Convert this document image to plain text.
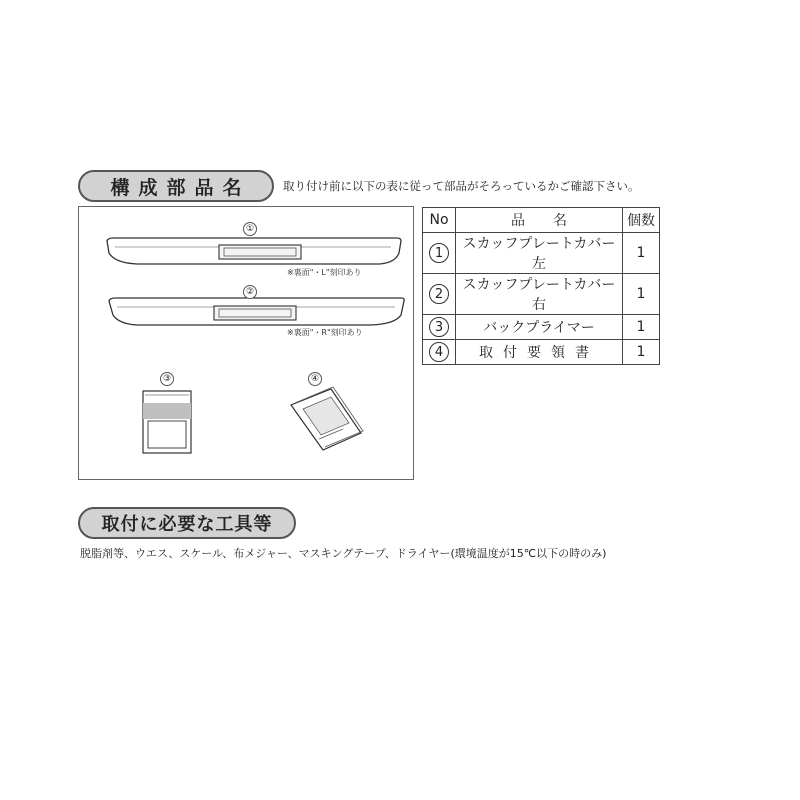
構成部品名	取り付け前に以下の表に従って部品がそろっているかご確認下さい。
①
※裏面"・L"刻印あり
②
※裏面"・R"刻印あり
③	④
No	品　　名	個数
1	スカッフプレートカバー左	1
2	スカッフプレートカバー右	1
3	バックプライマー	1
4	取付要領書	1
取付に必要な工具等
脱脂剤等、ウエス、スケール、布メジャー、マスキングテープ、ドライヤー(環境温度が15℃以下の時のみ)
